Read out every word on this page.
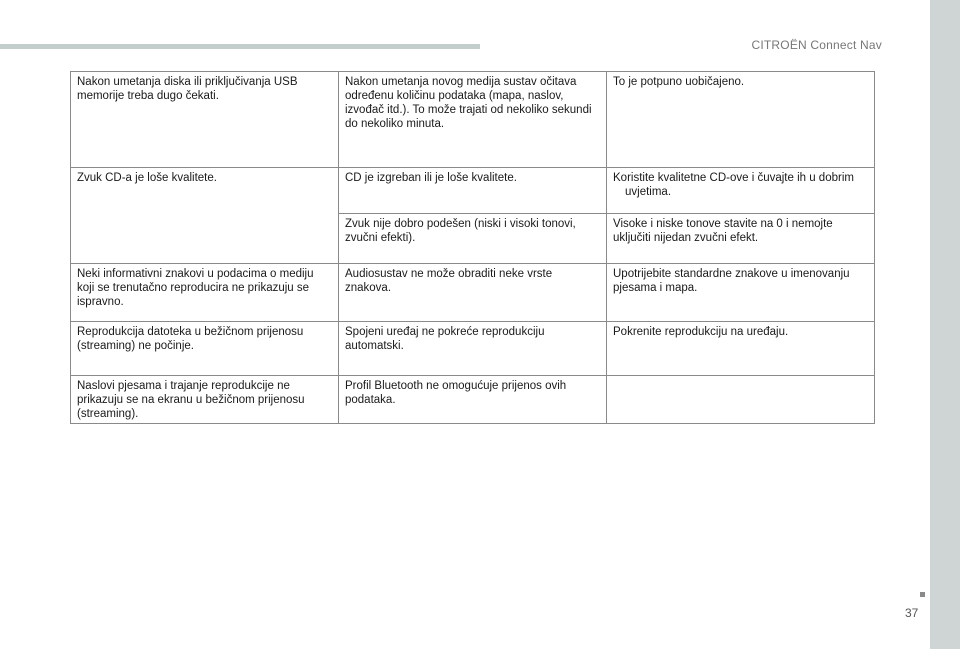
CITROËN Connect Nav
37
Nakon umetanja diska ili priključivanja USB memorije treba dugo čekati.	Nakon umetanja novog medija sustav očitava određenu količinu podataka (mapa, naslov, izvođač itd.). To može trajati od nekoliko sekundi do nekoliko minuta.	To je potpuno uobičajeno.
Zvuk CD-a je loše kvalitete.	CD je izgreban ili je loše kvalitete.	Koristite kvalitetne CD-ove i čuvajte ih u dobrim uvjetima.

	Zvuk nije dobro podešen (niski i visoki tonovi, zvučni efekti).	Visoke i niske tonove stavite na 0 i nemojte uključiti nijedan zvučni efekt.
Neki informativni znakovi u podacima o mediju koji se trenutačno reproducira ne prikazuju se ispravno.	Audiosustav ne može obraditi neke vrste znakova.	Upotrijebite standardne znakove u imenovanju pjesama i mapa.
Reprodukcija datoteka u bežičnom prijenosu (streaming) ne počinje.	Spojeni uređaj ne pokreće reprodukciju automatski.	Pokrenite reprodukciju na uređaju.
Naslovi pjesama i trajanje reprodukcije ne prikazuju se na ekranu u bežičnom prijenosu (streaming).	Profil Bluetooth ne omogućuje prijenos ovih podataka.	
